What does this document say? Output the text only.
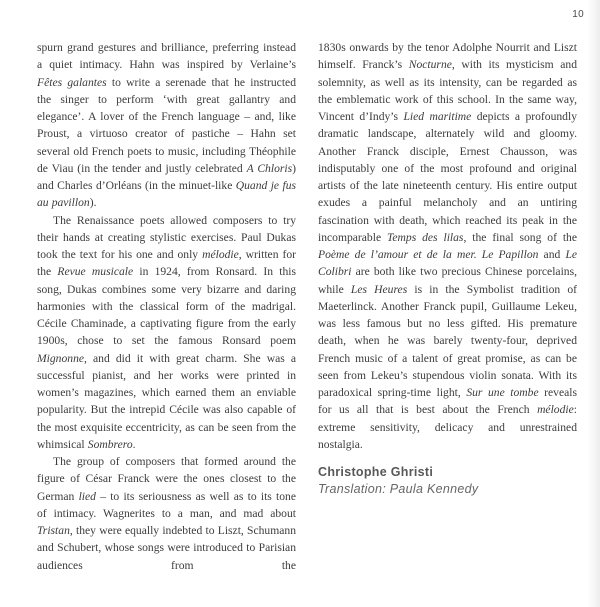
10

spurn grand gestures and brilliance, preferring instead a quiet intimacy. Hahn was inspired by Verlaine’s Fêtes galantes to write a serenade that he instructed the singer to perform ‘with great gallantry and elegance’. A lover of the French language – and, like Proust, a virtuoso creator of pastiche – Hahn set several old French poets to music, including Théophile de Viau (in the tender and justly celebrated A Chloris) and Charles d’Orléans (in the minuet-like Quand je fus au pavillon).

The Renaissance poets allowed composers to try their hands at creating stylistic exercises. Paul Dukas took the text for his one and only mélodie, written for the Revue musicale in 1924, from Ronsard. In this song, Dukas combines some very bizarre and daring harmonies with the classical form of the madrigal. Cécile Chaminade, a captivating figure from the early 1900s, chose to set the famous Ronsard poem Mignonne, and did it with great charm. She was a successful pianist, and her works were printed in women’s magazines, which earned them an enviable popularity. But the intrepid Cécile was also capable of the most exquisite eccentricity, as can be seen from the whimsical Sombrero.

The group of composers that formed around the figure of César Franck were the ones closest to the German lied – to its seriousness as well as to its tone of intimacy. Wagnerites to a man, and mad about Tristan, they were equally indebted to Liszt, Schumann and Schubert, whose songs were introduced to Parisian audiences from the

1830s onwards by the tenor Adolphe Nourrit and Liszt himself. Franck’s Nocturne, with its mysticism and solemnity, as well as its intensity, can be regarded as the emblematic work of this school. In the same way, Vincent d’Indy’s Lied maritime depicts a profoundly dramatic landscape, alternately wild and gloomy. Another Franck disciple, Ernest Chausson, was indisputably one of the most profound and original artists of the late nineteenth century. His entire output exudes a painful melancholy and an untiring fascination with death, which reached its peak in the incomparable Temps des lilas, the final song of the Poème de l’amour et de la mer. Le Papillon and Le Colibri are both like two precious Chinese porcelains, while Les Heures is in the Symbolist tradition of Maeterlinck. Another Franck pupil, Guillaume Lekeu, was less famous but no less gifted. His premature death, when he was barely twenty-four, deprived French music of a talent of great promise, as can be seen from Lekeu’s stupendous violin sonata. With its paradoxical spring-time light, Sur une tombe reveals for us all that is best about the French mélodie: extreme sensitivity, delicacy and unrestrained nostalgia.

Christophe Ghristi
Translation: Paula Kennedy
